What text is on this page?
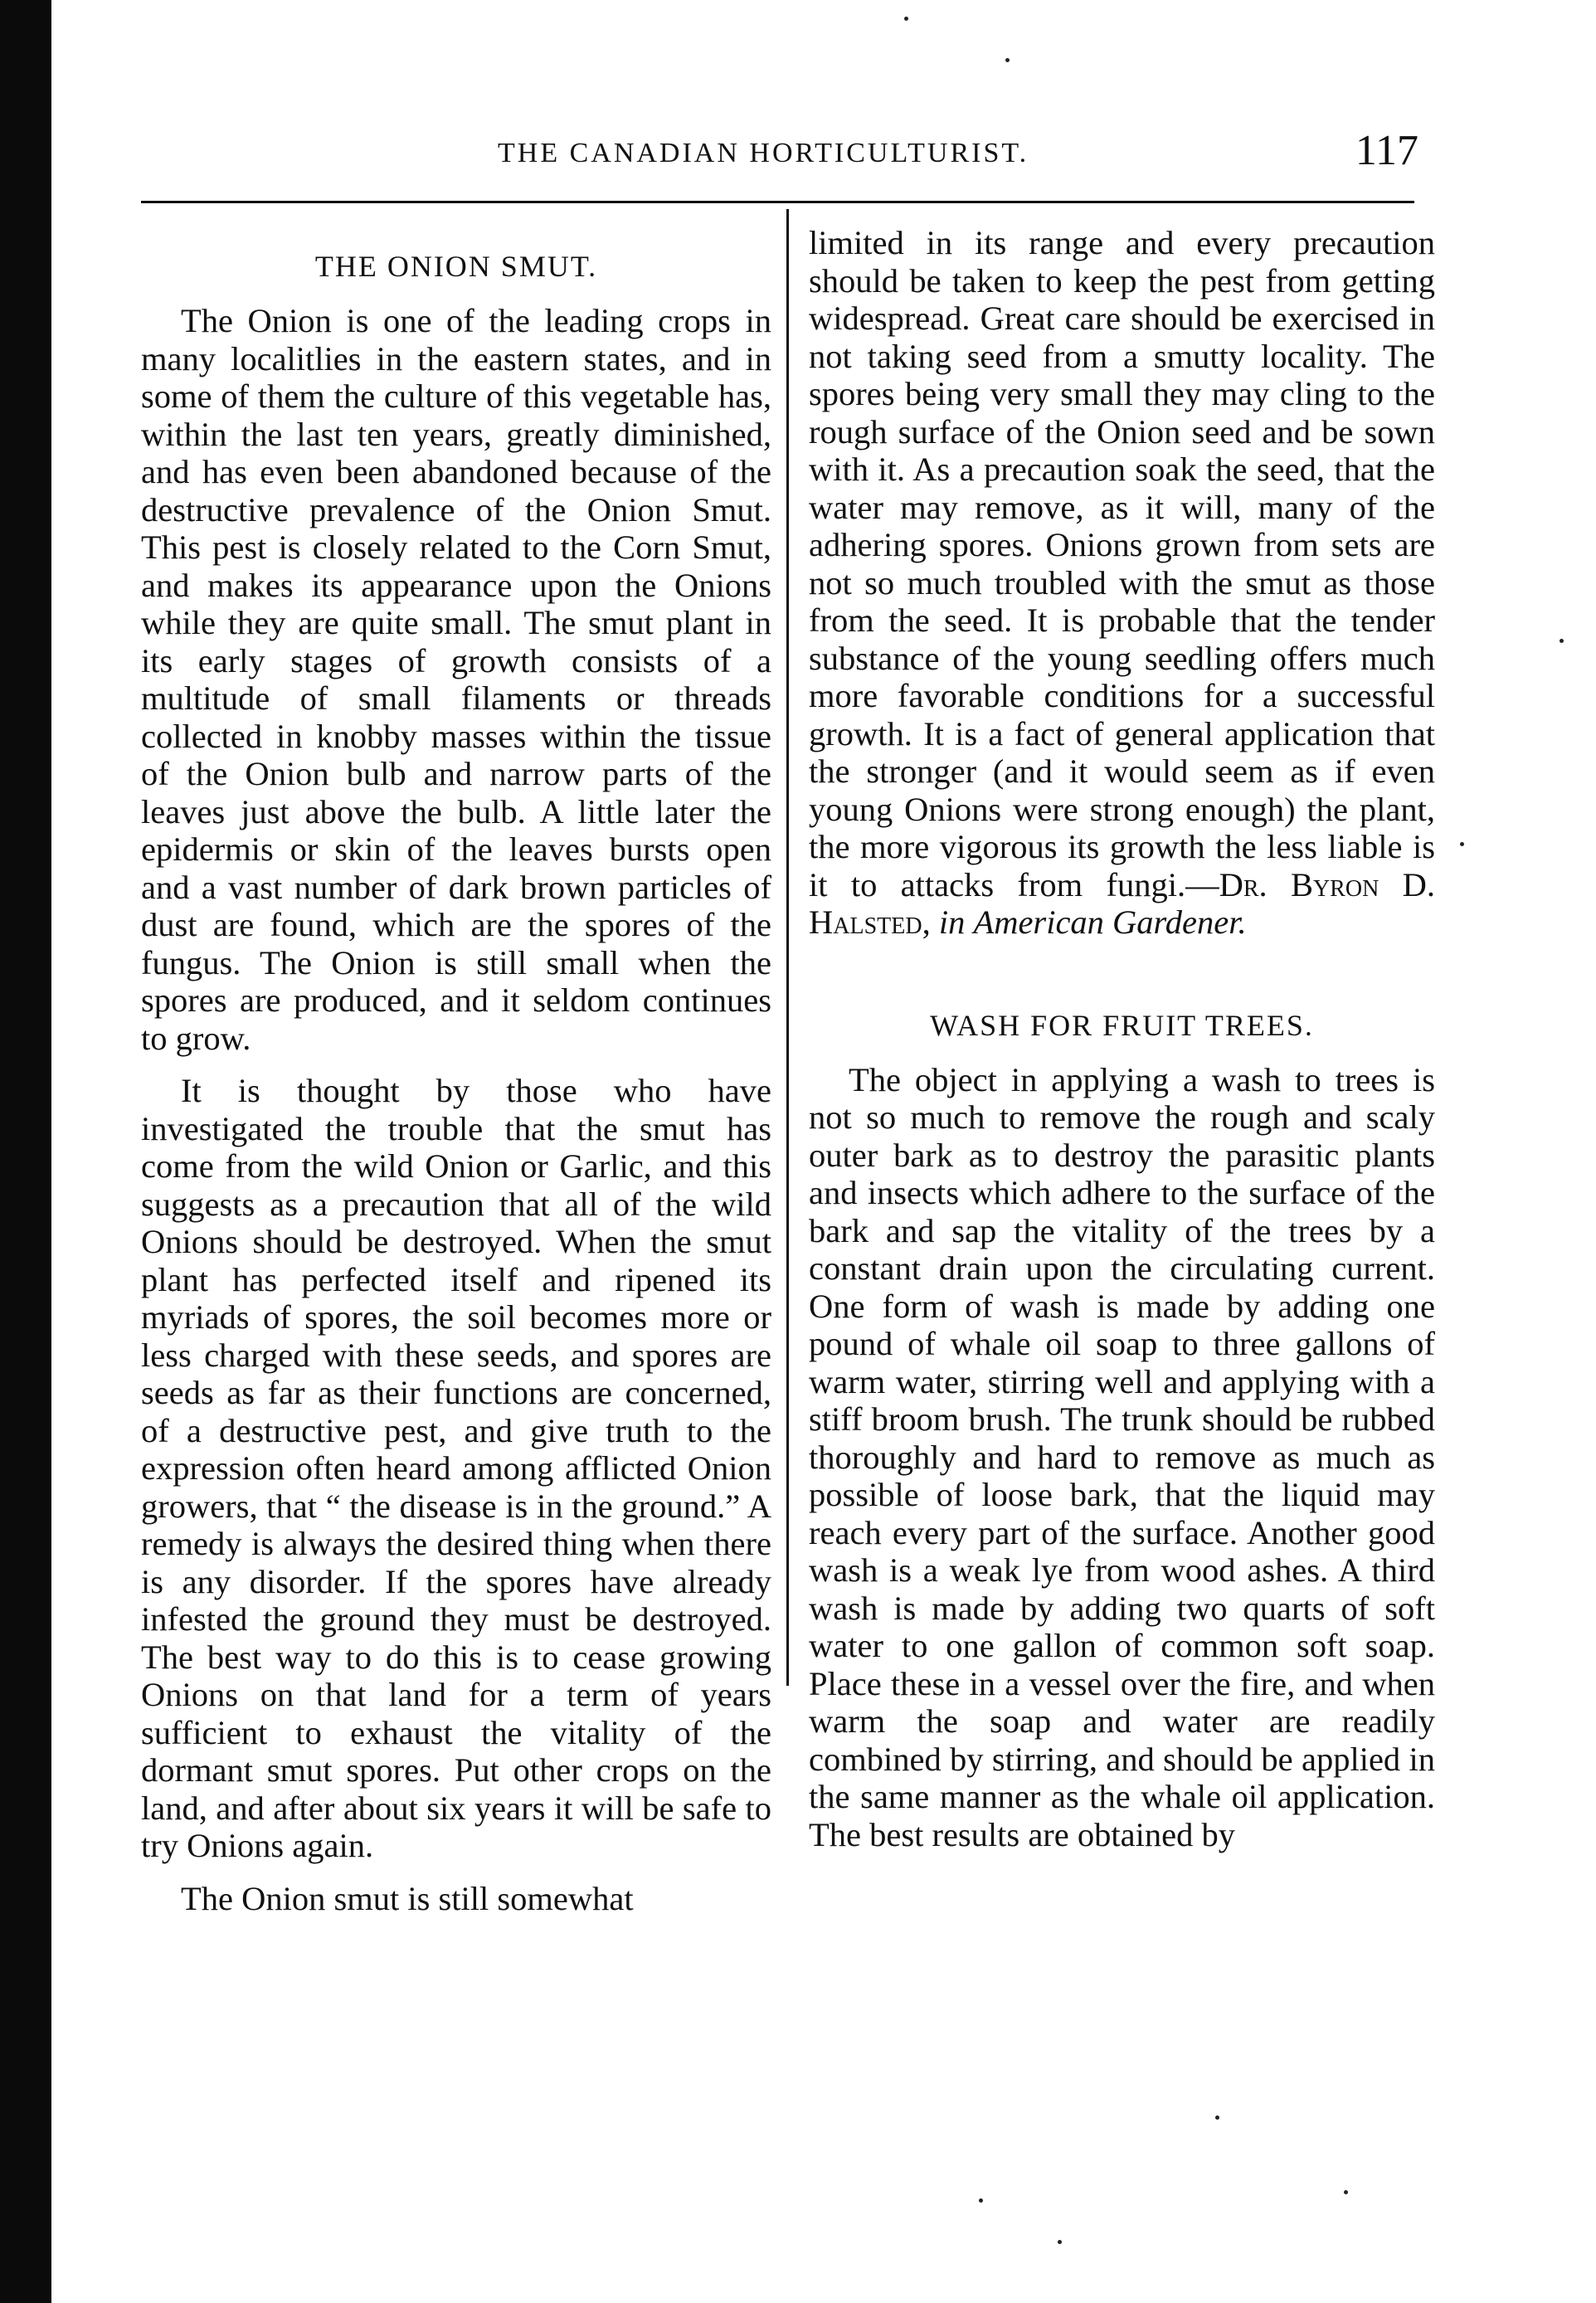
THE CANADIAN HORTICULTURIST.	117
THE ONION SMUT.

The Onion is one of the leading crops in many localitlies in the eastern states, and in some of them the culture of this vegetable has, within the last ten years, greatly diminished, and has even been abandoned because of the destructive prevalence of the Onion Smut. This pest is closely related to the Corn Smut, and makes its appearance upon the Onions while they are quite small. The smut plant in its early stages of growth consists of a multitude of small filaments or threads collected in knobby masses within the tissue of the Onion bulb and narrow parts of the leaves just above the bulb. A little later the epidermis or skin of the leaves bursts open and a vast number of dark brown particles of dust are found, which are the spores of the fungus. The Onion is still small when the spores are produced, and it seldom continues to grow.

It is thought by those who have investigated the trouble that the smut has come from the wild Onion or Garlic, and this suggests as a precaution that all of the wild Onions should be destroyed. When the smut plant has perfected itself and ripened its myriads of spores, the soil becomes more or less charged with these seeds, and spores are seeds as far as their functions are concerned, of a destructive pest, and give truth to the expression often heard among afflicted Onion growers, that “ the disease is in the ground.” A remedy is always the desired thing when there is any disorder. If the spores have already infested the ground they must be destroyed. The best way to do this is to cease growing Onions on that land for a term of years sufficient to exhaust the vitality of the dormant smut spores. Put other crops on the land, and after about six years it will be safe to try Onions again.

The Onion smut is still somewhat

limited in its range and every precaution should be taken to keep the pest from getting widespread. Great care should be exercised in not taking seed from a smutty locality. The spores being very small they may cling to the rough surface of the Onion seed and be sown with it. As a precaution soak the seed, that the water may remove, as it will, many of the adhering spores. Onions grown from sets are not so much troubled with the smut as those from the seed. It is probable that the tender substance of the young seedling offers much more favorable conditions for a successful growth. It is a fact of general application that the stronger (and it would seem as if even young Onions were strong enough) the plant, the more vigorous its growth the less liable is it to attacks from fungi.—Dr. Byron D. Halsted, in American Gardener.

WASH FOR FRUIT TREES.

The object in applying a wash to trees is not so much to remove the rough and scaly outer bark as to destroy the parasitic plants and insects which adhere to the surface of the bark and sap the vitality of the trees by a constant drain upon the circulating current. One form of wash is made by adding one pound of whale oil soap to three gallons of warm water, stirring well and applying with a stiff broom brush. The trunk should be rubbed thoroughly and hard to remove as much as possible of loose bark, that the liquid may reach every part of the surface. Another good wash is a weak lye from wood ashes. A third wash is made by adding two quarts of soft water to one gallon of common soft soap. Place these in a vessel over the fire, and when warm the soap and water are readily combined by stirring, and should be applied in the same manner as the whale oil application. The best results are obtained by
